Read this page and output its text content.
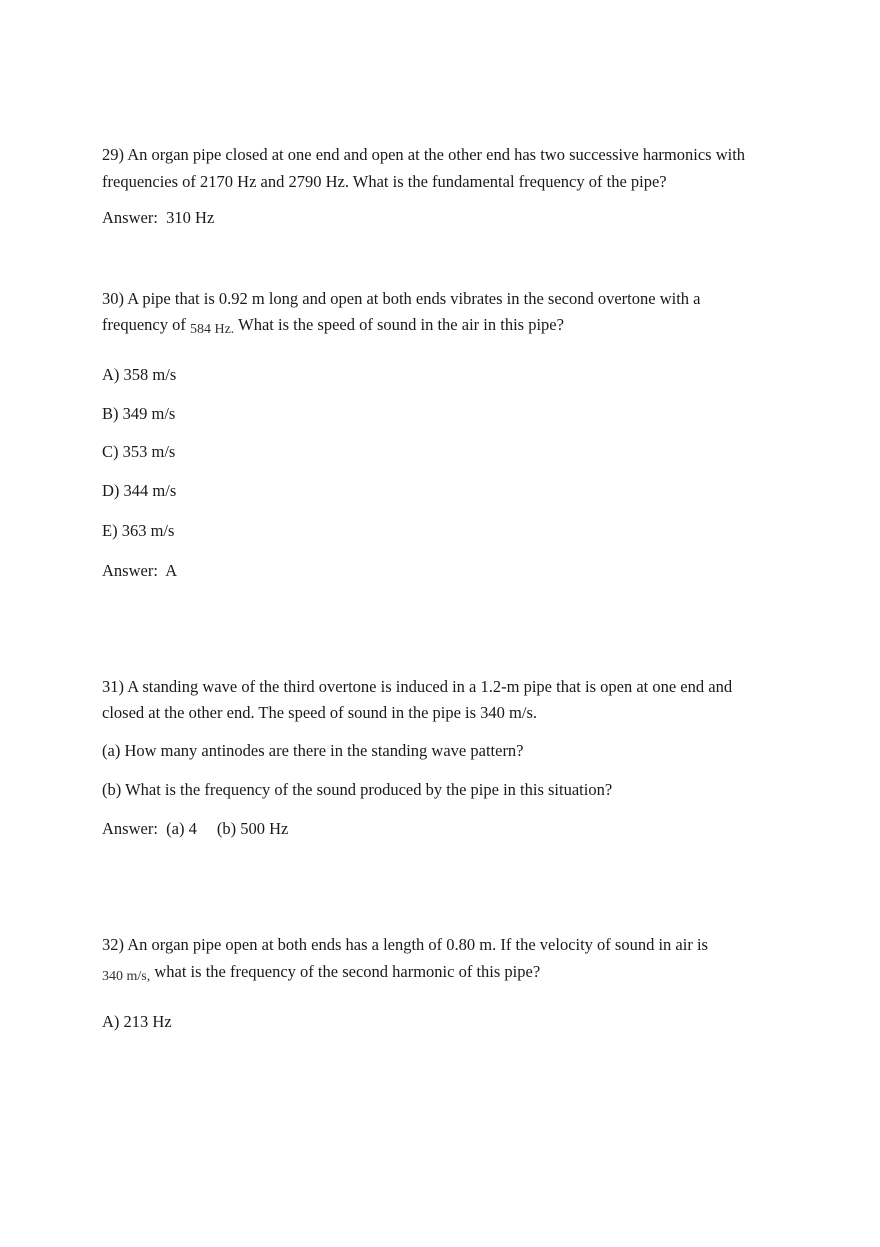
29) An organ pipe closed at one end and open at the other end has two successive harmonics with
frequencies of 2170 Hz and 2790 Hz. What is the fundamental frequency of the pipe?
Answer: 310 Hz
30) A pipe that is 0.92 m long and open at both ends vibrates in the second overtone with a
frequency of 584 Hz. What is the speed of sound in the air in this pipe?
A) 358 m/s
B) 349 m/s
C) 353 m/s
D) 344 m/s
E) 363 m/s
Answer: A
31) A standing wave of the third overtone is induced in a 1.2-m pipe that is open at one end and
closed at the other end. The speed of sound in the pipe is 340 m/s.
(a) How many antinodes are there in the standing wave pattern?
(b) What is the frequency of the sound produced by the pipe in this situation?
Answer: (a) 4 (b) 500 Hz
32) An organ pipe open at both ends has a length of 0.80 m. If the velocity of sound in air is
340 m/s, what is the frequency of the second harmonic of this pipe?
A) 213 Hz
